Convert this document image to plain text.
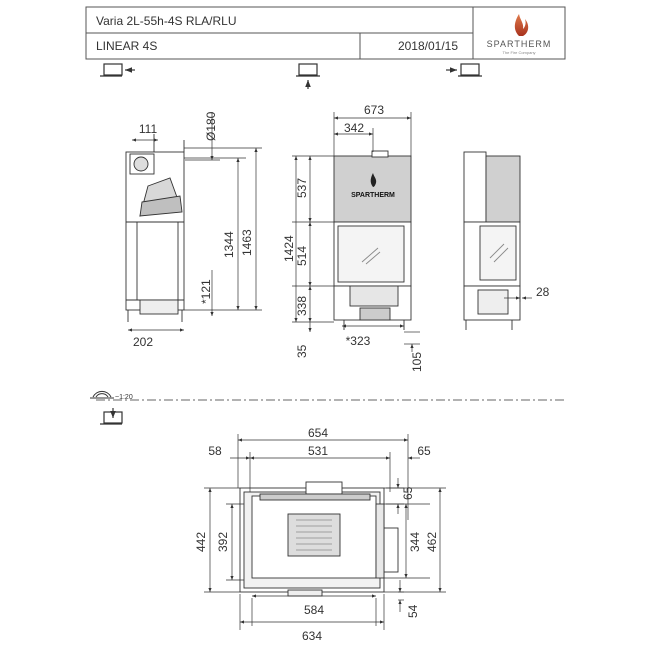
Varia 2L-55h-4S RLA/RLU
LINEAR 4S	2018/01/15	SPARTHERM
The Fire Company
111	Ø180
1344 1463
*121
202
SPARTHERM
673
342
537
1424 514
338
35
*323
105
28
~1:20
654
58	531	65
65
442 392	344 462
584	54
634
